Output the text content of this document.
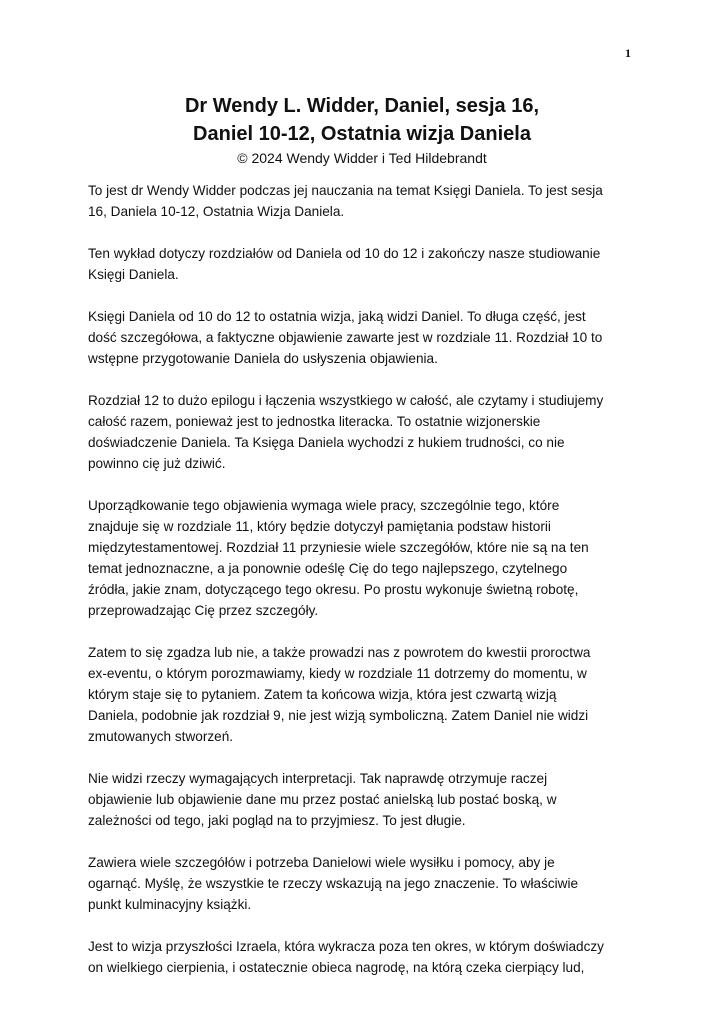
1

Dr Wendy L. Widder, Daniel, sesja 16,

Daniel 10-12, Ostatnia wizja Daniela

© 2024 Wendy Widder i Ted Hildebrandt

To jest dr Wendy Widder podczas jej nauczania na temat Księgi Daniela. To jest sesja
16, Daniela 10-12, Ostatnia Wizja Daniela.

Ten wykład dotyczy rozdziałów od Daniela od 10 do 12 i zakończy nasze studiowanie
Księgi Daniela.

Księgi Daniela od 10 do 12 to ostatnia wizja, jaką widzi Daniel. To długa część, jest
dość szczegółowa, a faktyczne objawienie zawarte jest w rozdziale 11. Rozdział 10 to
wstępne przygotowanie Daniela do usłyszenia objawienia.

Rozdział 12 to dużo epilogu i łączenia wszystkiego w całość, ale czytamy i studiujemy
całość razem, ponieważ jest to jednostka literacka. To ostatnie wizjonerskie
doświadczenie Daniela. Ta Księga Daniela wychodzi z hukiem trudności, co nie
powinno cię już dziwić.

Uporządkowanie tego objawienia wymaga wiele pracy, szczególnie tego, które
znajduje się w rozdziale 11, który będzie dotyczył pamiętania podstaw historii
międzytestamentowej. Rozdział 11 przyniesie wiele szczegółów, które nie są na ten
temat jednoznaczne, a ja ponownie odeślę Cię do tego najlepszego, czytelnego
źródła, jakie znam, dotyczącego tego okresu. Po prostu wykonuje świetną robotę,
przeprowadzając Cię przez szczegóły.

Zatem to się zgadza lub nie, a także prowadzi nas z powrotem do kwestii proroctwa
ex-eventu, o którym porozmawiamy, kiedy w rozdziale 11 dotrzemy do momentu, w
którym staje się to pytaniem. Zatem ta końcowa wizja, która jest czwartą wizją
Daniela, podobnie jak rozdział 9, nie jest wizją symboliczną. Zatem Daniel nie widzi
zmutowanych stworzeń.

Nie widzi rzeczy wymagających interpretacji. Tak naprawdę otrzymuje raczej
objawienie lub objawienie dane mu przez postać anielską lub postać boską, w
zależności od tego, jaki pogląd na to przyjmiesz. To jest długie.

Zawiera wiele szczegółów i potrzeba Danielowi wiele wysiłku i pomocy, aby je
ogarnąć. Myślę, że wszystkie te rzeczy wskazują na jego znaczenie. To właściwie
punkt kulminacyjny książki.

Jest to wizja przyszłości Izraela, która wykracza poza ten okres, w którym doświadczy
on wielkiego cierpienia, i ostatecznie obieca nagrodę, na którą czeka cierpiący lud,
